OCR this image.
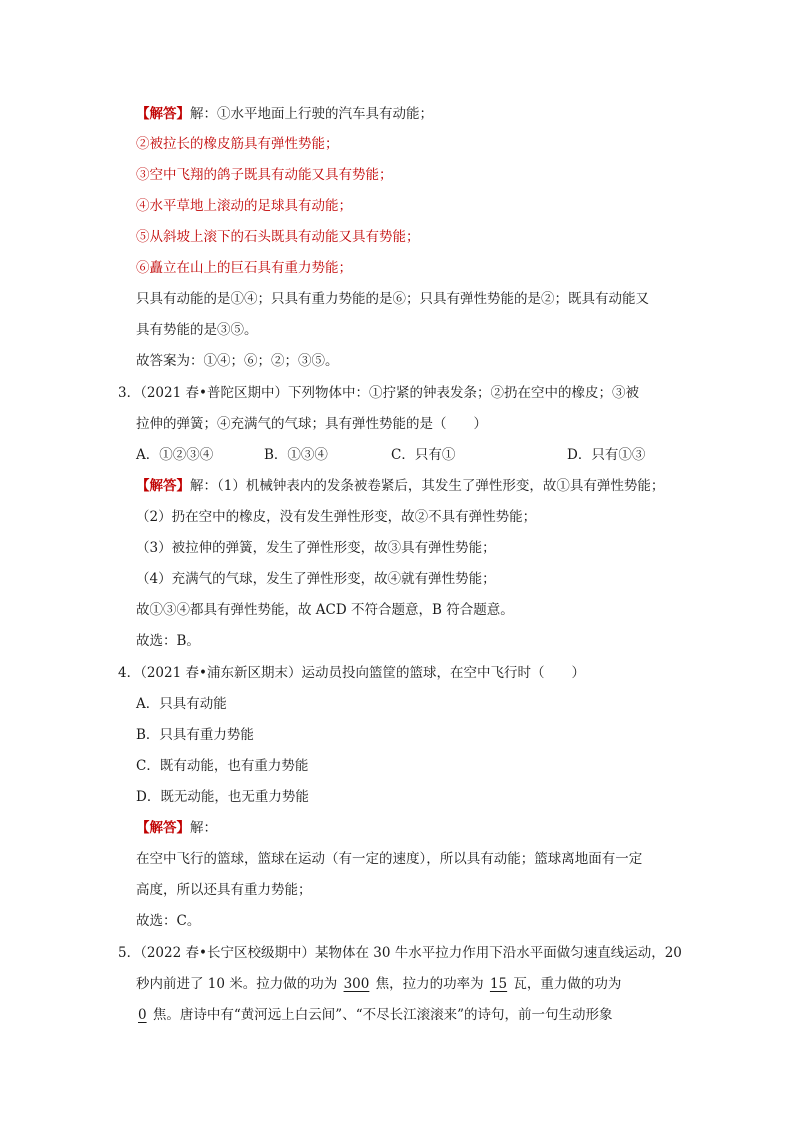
【解答】解：①水平地面上行驶的汽车具有动能；
②被拉长的橡皮筋具有弹性势能；
③空中飞翔的鸽子既具有动能又具有势能；
④水平草地上滚动的足球具有动能；
⑤从斜坡上滚下的石头既具有动能又具有势能；
⑥矗立在山上的巨石具有重力势能；
只具有动能的是①④；只具有重力势能的是⑥；只具有弹性势能的是②；既具有动能又
具有势能的是③⑤。
故答案为：①④；⑥；②；③⑤。
3．（2021 春•普陀区期中）下列物体中：①拧紧的钟表发条；②扔在空中的橡皮；③被
拉伸的弹簧；④充满气的气球；具有弹性势能的是（　　）
A．①②③④	B．①③④	C．只有①	D．只有①③
【解答】解：（1）机械钟表内的发条被卷紧后，其发生了弹性形变，故①具有弹性势能；
（2）扔在空中的橡皮，没有发生弹性形变，故②不具有弹性势能；
（3）被拉伸的弹簧，发生了弹性形变，故③具有弹性势能；
（4）充满气的气球，发生了弹性形变，故④就有弹性势能；
故①③④都具有弹性势能，故 ACD 不符合题意，B 符合题意。
故选：B。
4．（2021 春•浦东新区期末）运动员投向篮筐的篮球，在空中飞行时（　　）
A．只具有动能
B．只具有重力势能
C．既有动能，也有重力势能
D．既无动能，也无重力势能
【解答】解：
在空中飞行的篮球，篮球在运动（有一定的速度），所以具有动能；篮球离地面有一定
高度，所以还具有重力势能；
故选：C。
5．（2022 春•长宁区校级期中）某物体在 30 牛水平拉力作用下沿水平面做匀速直线运动，20
秒内前进了 10 米。拉力做的功为 300 焦，拉力的功率为 15 瓦，重力做的功为
0 焦。唐诗中有“黄河远上白云间”、“不尽长江滚滚来”的诗句，前一句生动形象
